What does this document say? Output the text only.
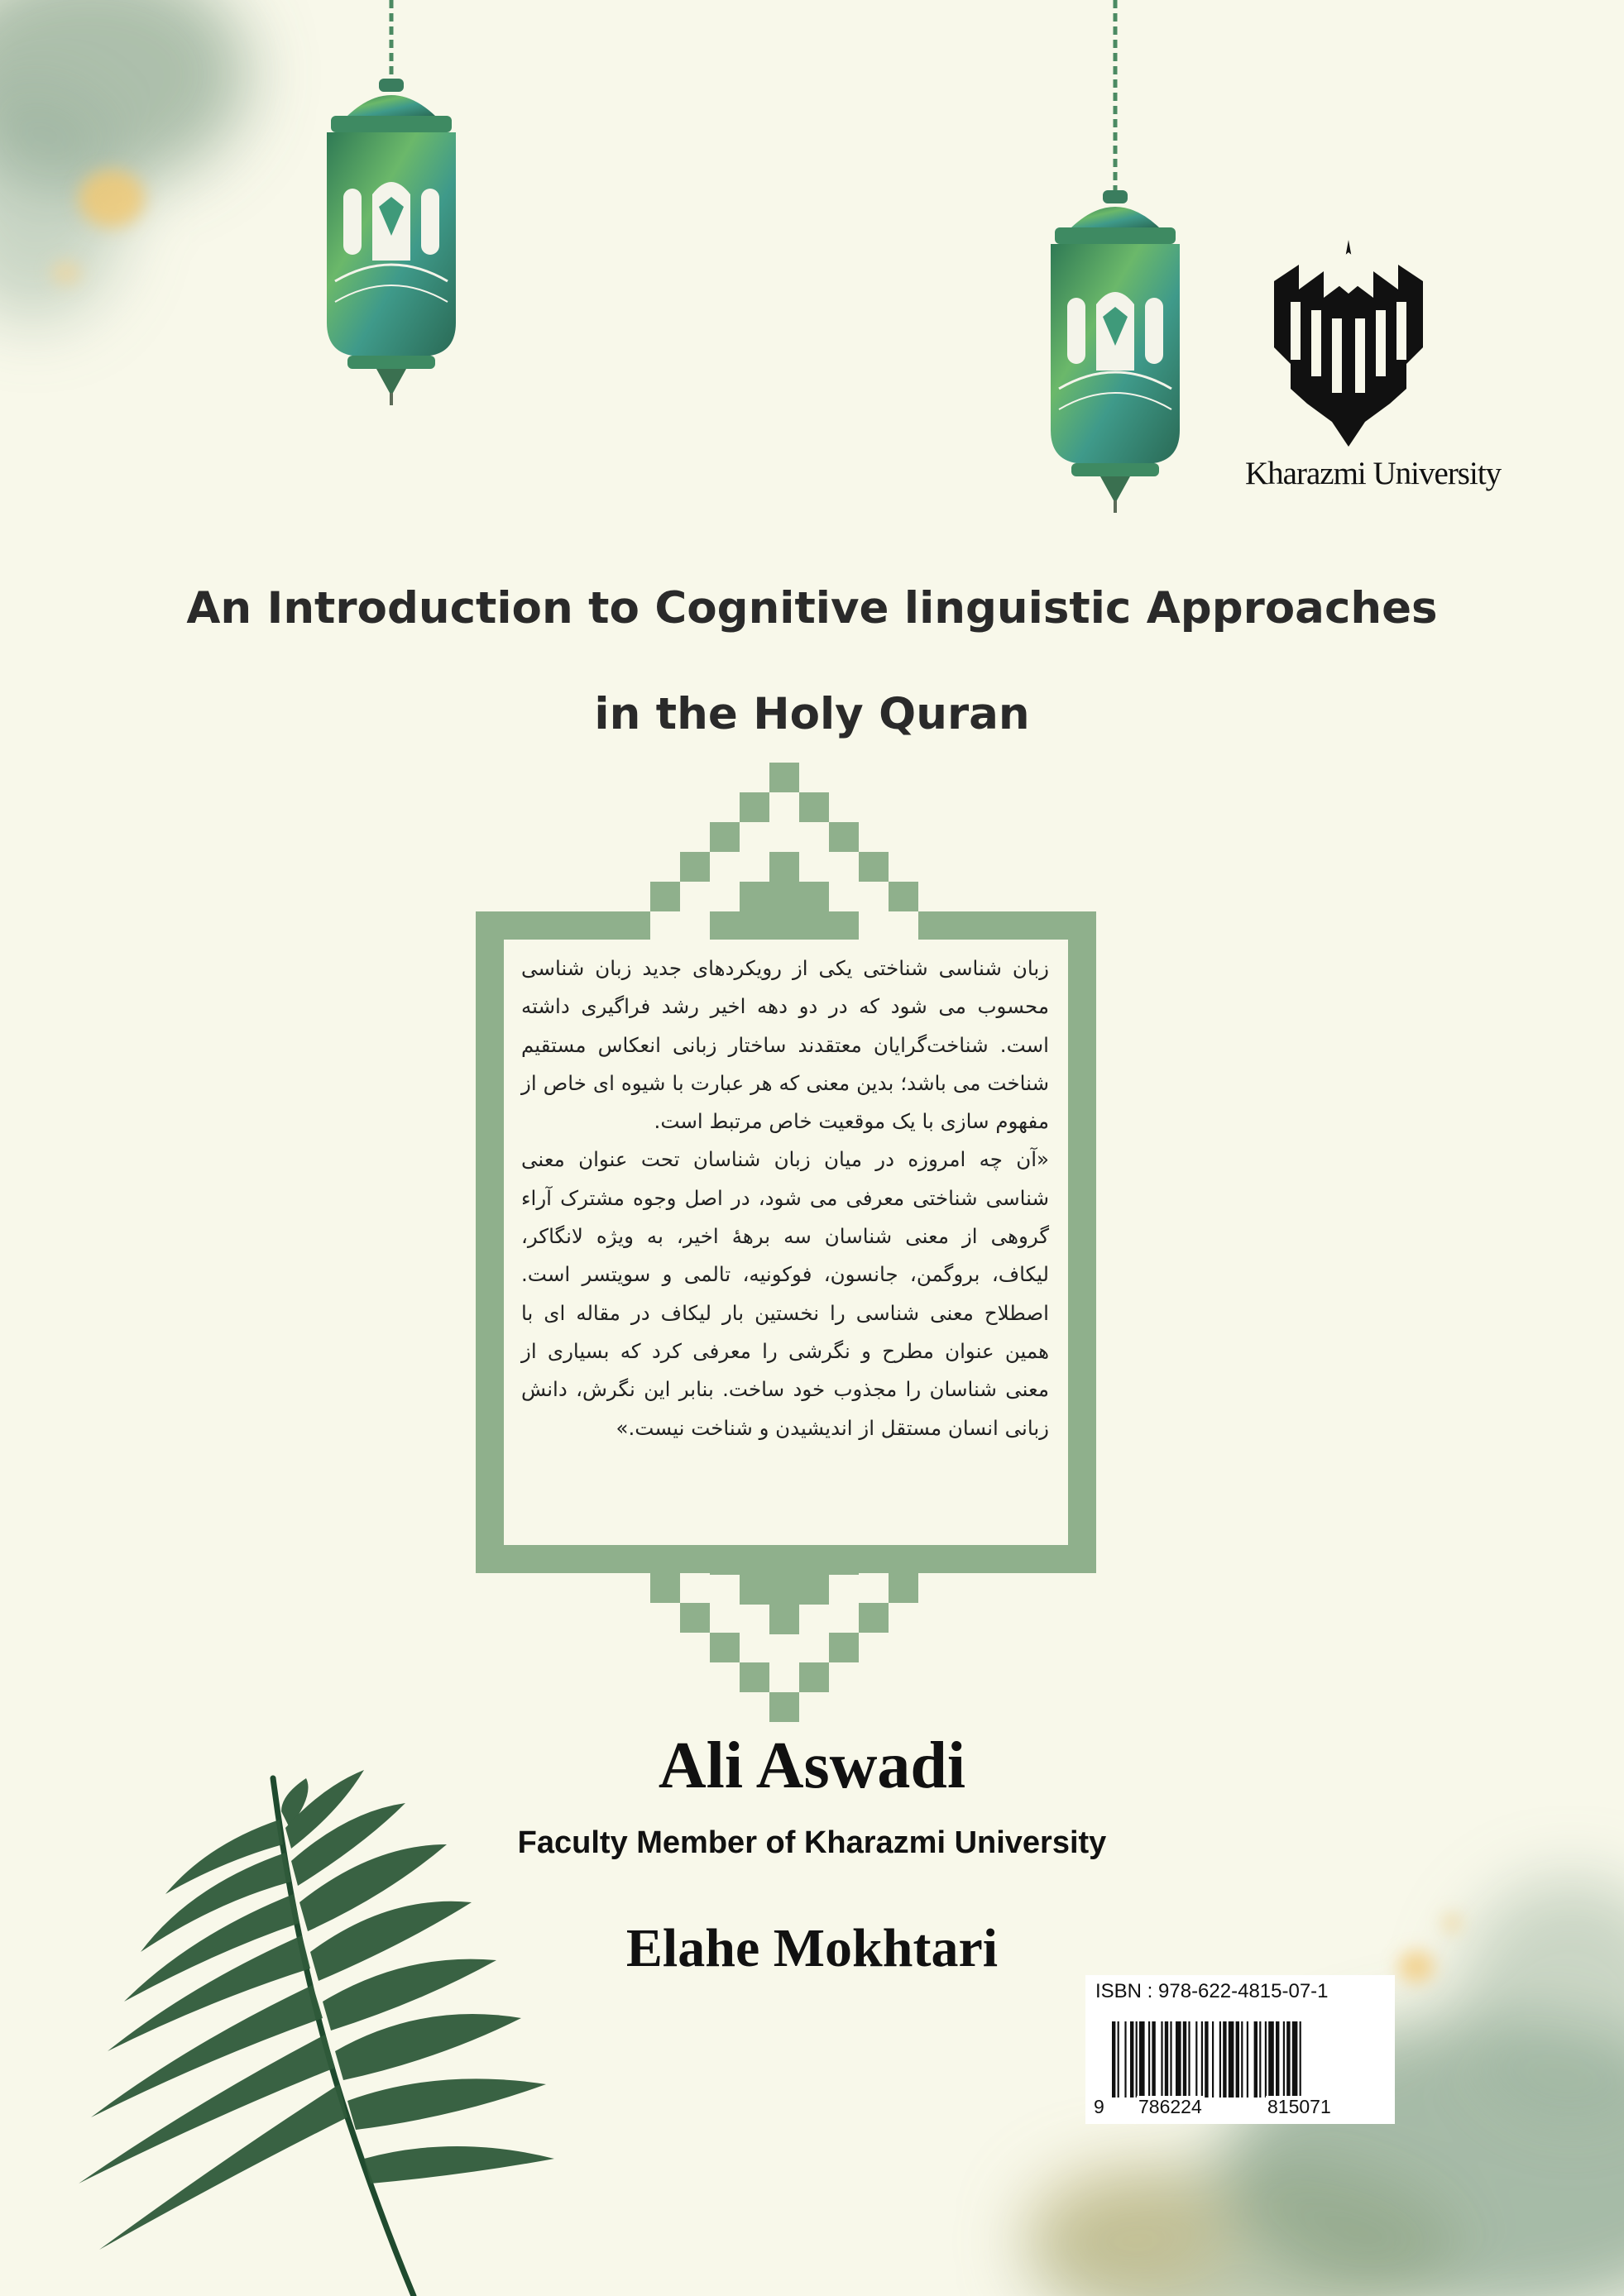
Kharazmi University
An Introduction to Cognitive linguistic Approaches
in the Holy Quran

زبان شناسی شناختی یکی از رویکردهای جدید زبان شناسی محسوب می شود که در دو دهه اخیر رشد فراگیری داشته است. شناخت‌گرایان معتقدند ساختار زبانی انعکاس مستقیم شناخت می باشد؛ بدین معنی که هر عبارت با شیوه ای خاص از مفهوم سازی با یک موقعیت خاص مرتبط است.

«آن چه امروزه در میان زبان شناسان تحت عنوان معنی شناسی شناختی معرفی می شود، در اصل وجوه مشترک آراء گروهی از معنی شناسان سه برهۀ اخیر، به ویژه لانگاکر، لیکاف، بروگمن، جانسون، فوکونیه، تالمی و سویتسر است. اصطلاح معنی شناسی را نخستین بار لیکاف در مقاله ای با همین عنوان مطرح و نگرشی را معرفی کرد که بسیاری از معنی شناسان را مجذوب خود ساخت. بنابر این نگرش، دانش زبانی انسان مستقل از اندیشیدن و شناخت نیست.»

Ali Aswadi
Faculty Member of Kharazmi University
Elahe Mokhtari
ISBN : 978-622-4815-07-1
9 786224	815071
